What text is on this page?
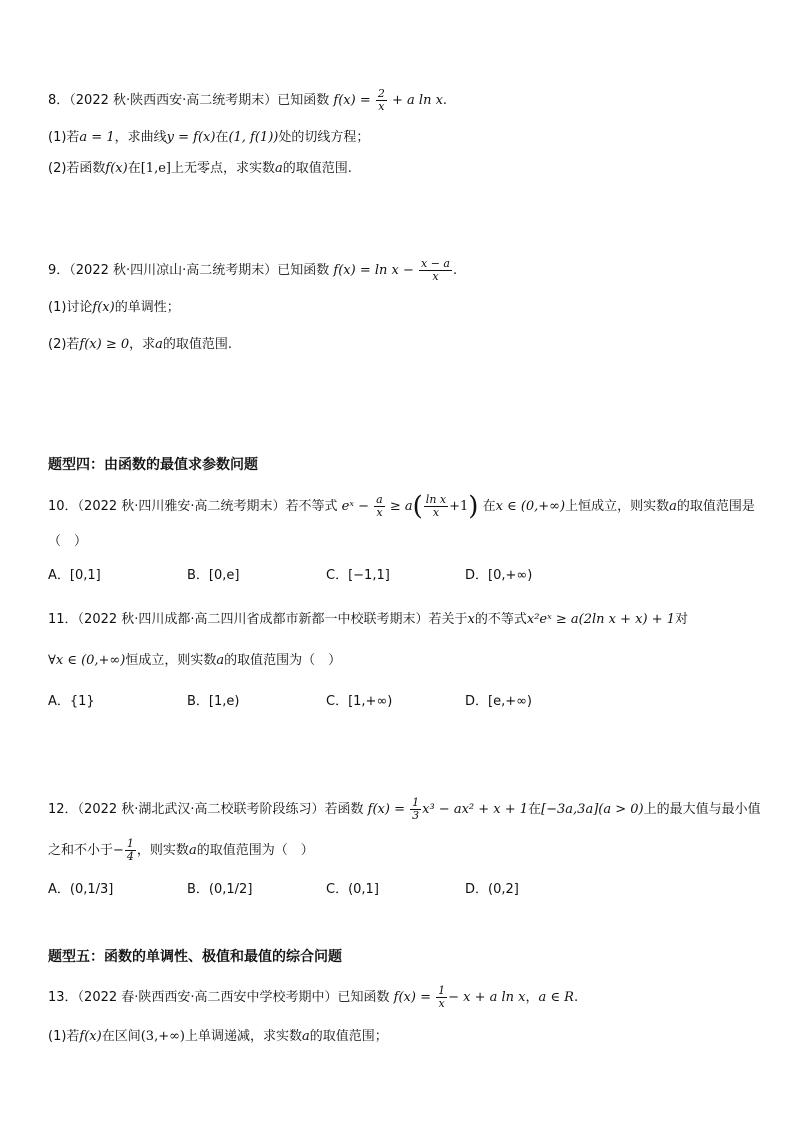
8．（2022 秋·陕西西安·高二统考期末）已知函数 $f(x) = \frac{2}{x} + a$ ln x.
(1)若a = 1，求曲线y = f(x)在(1, f(1))处的切线方程；
(2)若函数f(x)在[1,e]上无零点，求实数a的取值范围.
9．（2022 秋·四川凉山·高二统考期末）已知函数 $f(x) = \ln x - \frac{x - a}{x}$ .
(1)讨论f(x)的单调性；
(2)若f(x) ≥ 0，求a的取值范围.
题型四：由函数的最值求参数问题
10．（2022 秋·四川雅安·高二统考期末）若不等式 eˣ − $\frac{a}{x} \ge a( \frac{\text{ln x}}{x} +1)$ 在x ∈ (0,+∞)上恒成立，则实数a的取值范围是
（　）
A．[0,1]	B．[0,e]	C．[−1,1]	D．[0,+∞)
11．（2022 秋·四川成都·高二四川省成都市新都一中校联考期末）若关于x的不等式x²eˣ ≥ a(2ln x + x) + 1对
∀x ∈ (0,+∞)恒成立，则实数a的取值范围为（　）
A．{1}	B．[1,e)	C．[1,+∞)	D．[e,+∞)
12．（2022 秋·湖北武汉·高二校联考阶段练习）若函数 $f(x) = \frac{1}{3} x^3 - ax^2 + x + 1$在[−3a,3a](a > 0)上的最大值与最小值
之和不小于− $\frac{1}{4}$ ，则实数a的取值范围为（　）
A．(0,1/3]	B．(0,1/2]	C．(0,1]	D．(0,2]
题型五：函数的单调性、极值和最值的综合问题
13．（2022 春·陕西西安·高二西安中学校考期中）已知函数 $f(x) = \frac{1}{x} - x + a$ ln x，a ∈ R.
(1)若f(x)在区间(3,+∞)上单调递减，求实数a的取值范围；
